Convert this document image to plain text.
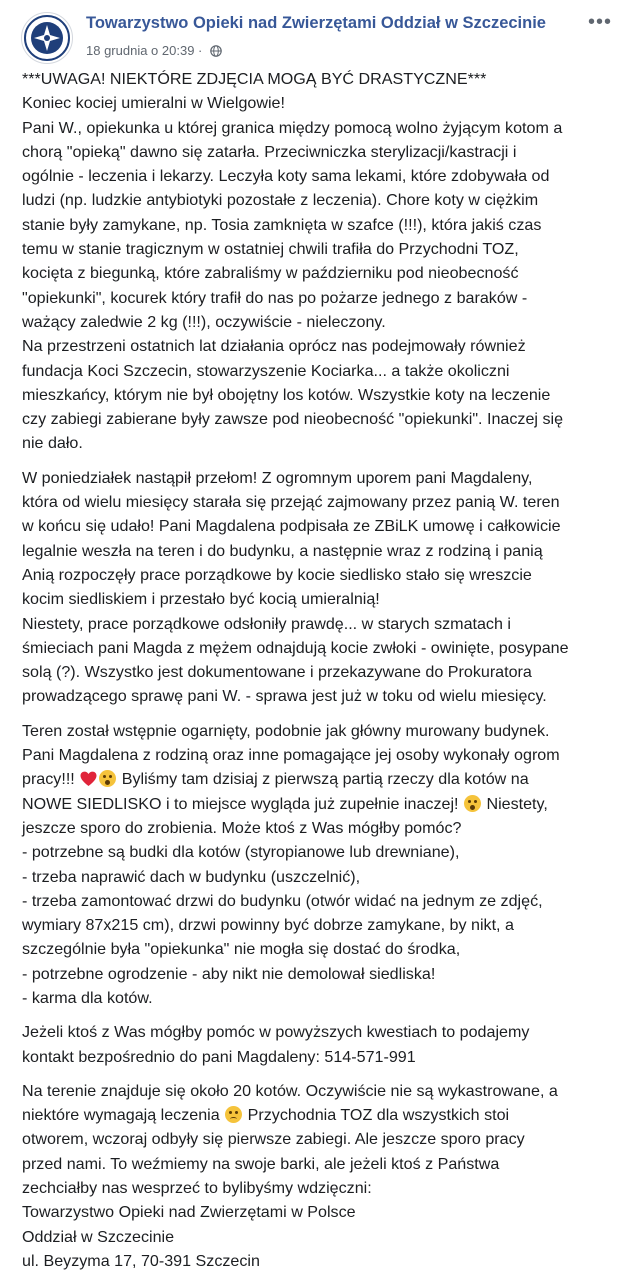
Towarzystwo Opieki nad Zwierzętami Oddział w Szczecinie
18 grudnia o 20:39 ·
•••

***UWAGA! NIEKTÓRE ZDJĘCIA MOGĄ BYĆ DRASTYCZNE***
Koniec kociej umieralni w Wielgowie!
Pani W., opiekunka u której granica między pomocą wolno żyjącym kotom a
chorą "opieką" dawno się zatarła. Przeciwniczka sterylizacji/kastracji i
ogólnie - leczenia i lekarzy. Leczyła koty sama lekami, które zdobywała od
ludzi (np. ludzkie antybiotyki pozostałe z leczenia). Chore koty w ciężkim
stanie były zamykane, np. Tosia zamknięta w szafce (!!!), która jakiś czas
temu w stanie tragicznym w ostatniej chwili trafiła do Przychodni TOZ,
kocięta z biegunką, które zabraliśmy w październiku pod nieobecność
"opiekunki", kocurek który trafił do nas po pożarze jednego z baraków -
ważący zaledwie 2 kg (!!!), oczywiście - nieleczony.
Na przestrzeni ostatnich lat działania oprócz nas podejmowały również
fundacja Koci Szczecin, stowarzyszenie Kociarka... a także okoliczni
mieszkańcy, którym nie był obojętny los kotów. Wszystkie koty na leczenie
czy zabiegi zabierane były zawsze pod nieobecność "opiekunki". Inaczej się
nie dało.

W poniedziałek nastąpił przełom! Z ogromnym uporem pani Magdaleny,
która od wielu miesięcy starała się przejąć zajmowany przez panią W. teren
w końcu się udało! Pani Magdalena podpisała ze ZBiLK umowę i całkowicie
legalnie weszła na teren i do budynku, a następnie wraz z rodziną i panią
Anią rozpoczęły prace porządkowe by kocie siedlisko stało się wreszcie
kocim siedliskiem i przestało być kocią umieralnią!
Niestety, prace porządkowe odsłoniły prawdę... w starych szmatach i
śmieciach pani Magda z mężem odnajdują kocie zwłoki - owinięte, posypane
solą (?). Wszystko jest dokumentowane i przekazywane do Prokuratora
prowadzącego sprawę pani W. - sprawa jest już w toku od wielu miesięcy.

Teren został wstępnie ogarnięty, podobnie jak główny murowany budynek.
Pani Magdalena z rodziną oraz inne pomagające jej osoby wykonały ogrom
pracy!!!	Byliśmy tam dzisiaj z pierwszą partią rzeczy dla kotów na
NOWE SIEDLISKO i to miejsce wygląda już zupełnie inaczej!
Niestety,
jeszcze sporo do zrobienia. Może ktoś z Was mógłby pomóc?
- potrzebne są budki dla kotów (styropianowe lub drewniane),
- trzeba naprawić dach w budynku (uszczelnić),
- trzeba zamontować drzwi do budynku (otwór widać na jednym ze zdjęć,
wymiary 87x215 cm), drzwi powinny być dobrze zamykane, by nikt, a
szczególnie była "opiekunka" nie mogła się dostać do środka,
- potrzebne ogrodzenie - aby nikt nie demolował siedliska!
- karma dla kotów.

Jeżeli ktoś z Was mógłby pomóc w powyższych kwestiach to podajemy
kontakt bezpośrednio do pani Magdaleny: 514-571-991

Na terenie znajduje się około 20 kotów. Oczywiście nie są wykastrowane, a
niektóre wymagają leczenia
Przychodnia TOZ dla wszystkich stoi
otworem, wczoraj odbyły się pierwsze zabiegi. Ale jeszcze sporo pracy
przed nami. To weźmiemy na swoje barki, ale jeżeli ktoś z Państwa
zechciałby nas wesprzeć to bylibyśmy wdzięczni:
Towarzystwo Opieki nad Zwierzętami w Polsce
Oddział w Szczecinie
ul. Beyzyma 17, 70-391 Szczecin
